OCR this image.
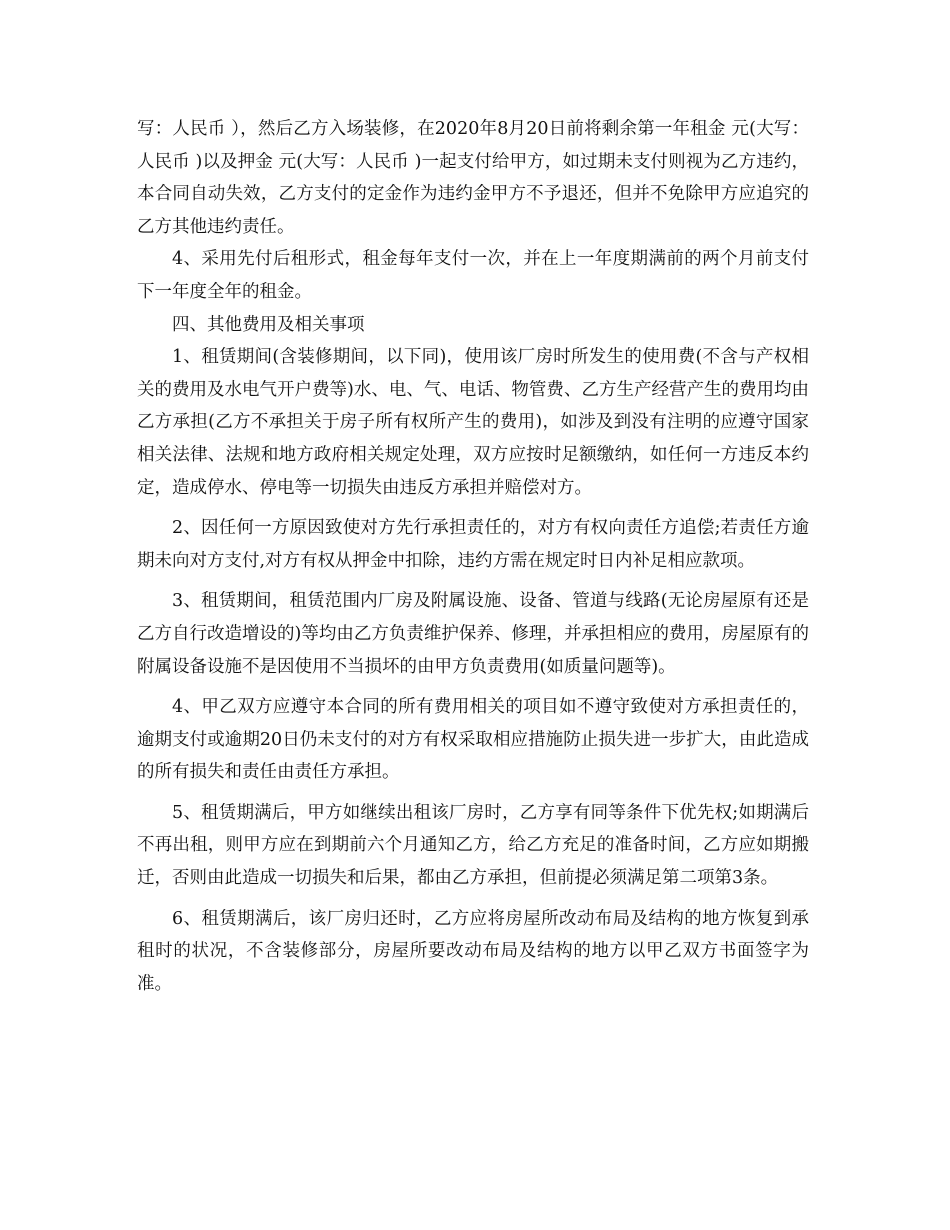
写：人民币 ），然后乙方入场装修，在2020年8月20日前将剩余第一年租金 元(大写：人民币 )以及押金 元(大写：人民币 )一起支付给甲方，如过期未支付则视为乙方违约，本合同自动失效，乙方支付的定金作为违约金甲方不予退还，但并不免除甲方应追究的乙方其他违约责任。

4、采用先付后租形式，租金每年支付一次，并在上一年度期满前的两个月前支付下一年度全年的租金。

四、其他费用及相关事项

1、租赁期间(含装修期间，以下同)，使用该厂房时所发生的使用费(不含与产权相关的费用及水电气开户费等)水、电、气、电话、物管费、乙方生产经营产生的费用均由乙方承担(乙方不承担关于房子所有权所产生的费用)，如涉及到没有注明的应遵守国家相关法律、法规和地方政府相关规定处理，双方应按时足额缴纳，如任何一方违反本约定，造成停水、停电等一切损失由违反方承担并赔偿对方。

2、因任何一方原因致使对方先行承担责任的，对方有权向责任方追偿;若责任方逾期未向对方支付,对方有权从押金中扣除，违约方需在规定时日内补足相应款项。

3、租赁期间，租赁范围内厂房及附属设施、设备、管道与线路(无论房屋原有还是乙方自行改造增设的)等均由乙方负责维护保养、修理，并承担相应的费用，房屋原有的附属设备设施不是因使用不当损坏的由甲方负责费用(如质量问题等)。

4、甲乙双方应遵守本合同的所有费用相关的项目如不遵守致使对方承担责任的，逾期支付或逾期20日仍未支付的对方有权采取相应措施防止损失进一步扩大，由此造成的所有损失和责任由责任方承担。

5、租赁期满后，甲方如继续出租该厂房时，乙方享有同等条件下优先权;如期满后不再出租，则甲方应在到期前六个月通知乙方，给乙方充足的准备时间，乙方应如期搬迁，否则由此造成一切损失和后果，都由乙方承担，但前提必须满足第二项第3条。

6、租赁期满后，该厂房归还时，乙方应将房屋所改动布局及结构的地方恢复到承租时的状况，不含装修部分，房屋所要改动布局及结构的地方以甲乙双方书面签字为准。
